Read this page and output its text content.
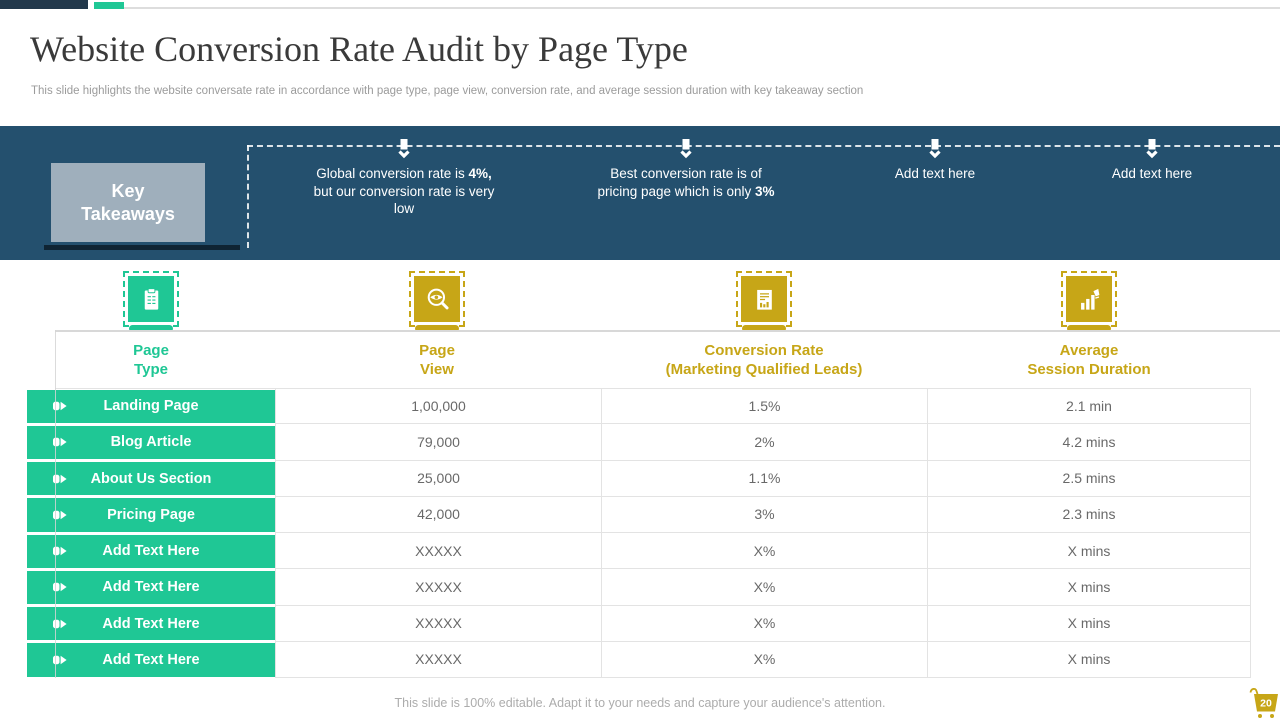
Website Conversion Rate Audit by Page Type
This slide highlights the website conversate rate in accordance with page type, page view, conversion rate, and average session duration with key takeaway section
Key Takeaways
Global conversion rate is 4%, but our conversion rate is very low
Best conversion rate is of pricing page which is only 3%
Add text here	Add text here
Page
Type
Page
View
Conversion Rate
(Marketing Qualified Leads)
Average
Session Duration
Landing Page	1,00,000	1.5%	2.1 min
Blog Article	79,000	2%	4.2 mins
About Us Section	25,000	1.1%	2.5 mins
Pricing Page	42,000	3%	2.3 mins
Add Text Here	XXXXX	X%	X mins
Add Text Here	XXXXX	X%	X mins
Add Text Here	XXXXX	X%	X mins
Add Text Here	XXXXX	X%	X mins
This slide is 100% editable. Adapt it to your needs and capture your audience's attention.	20
